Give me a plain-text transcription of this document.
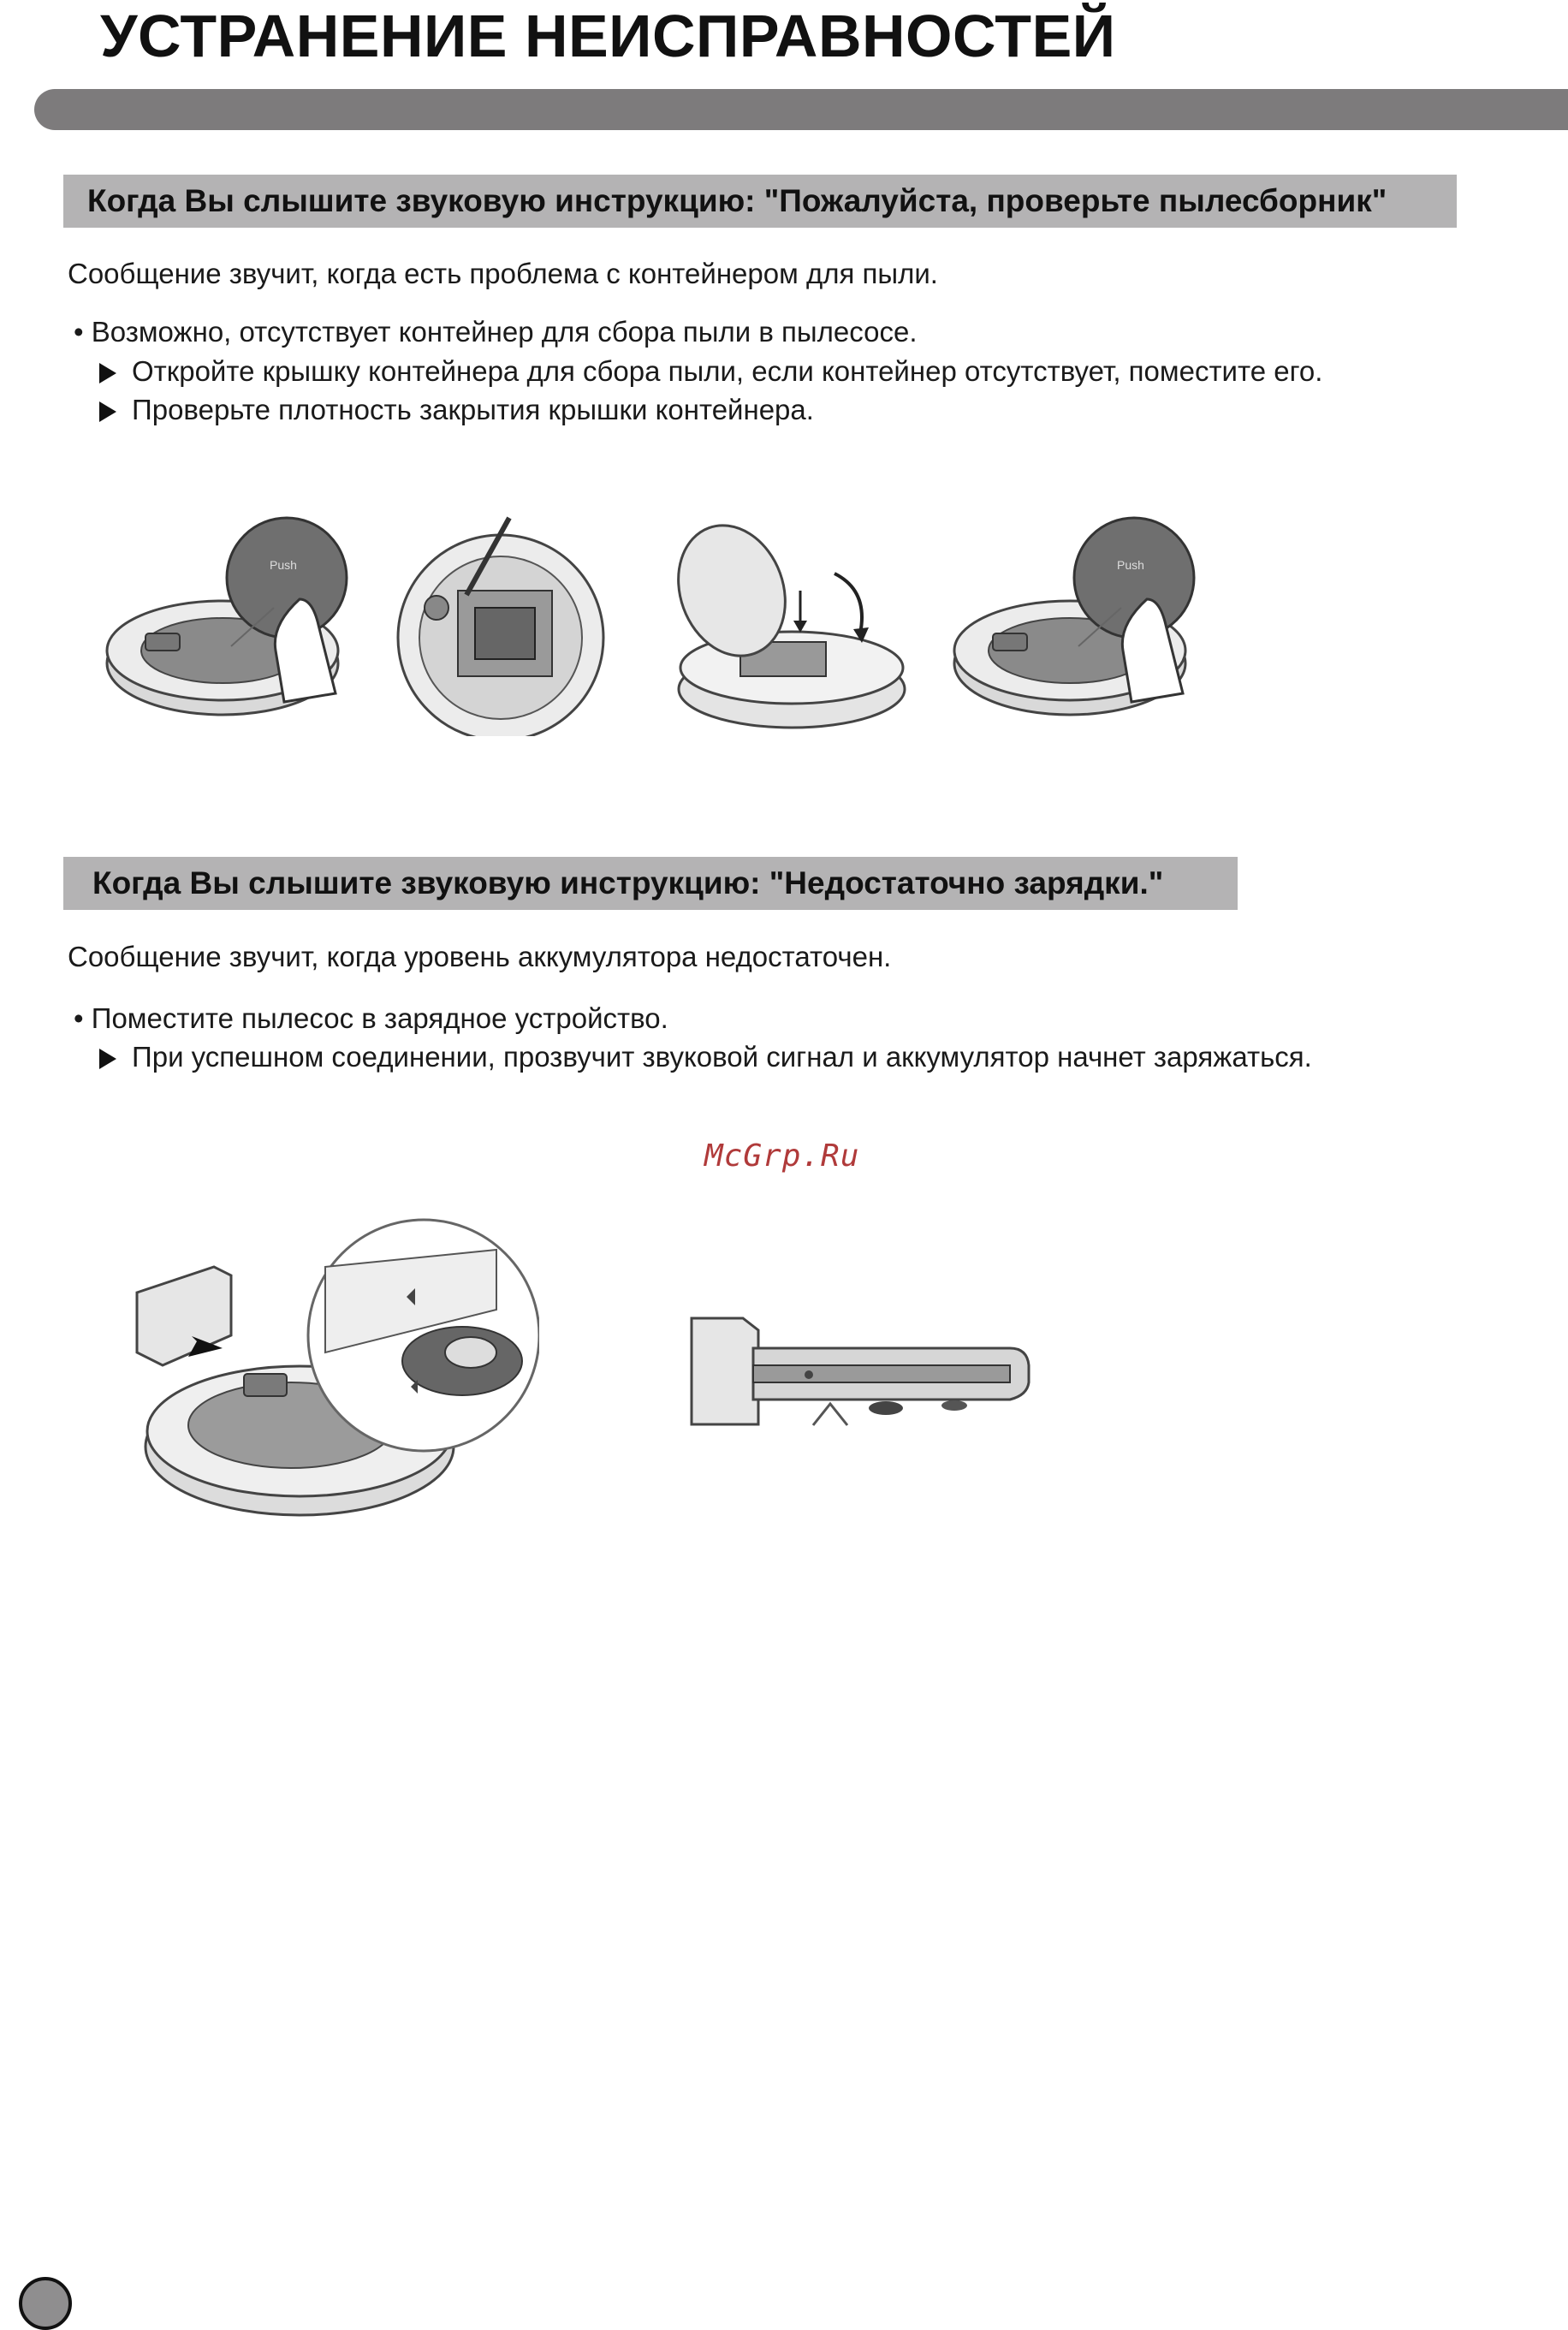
УСТРАНЕНИЕ НЕИСПРАВНОСТЕЙ
Когда Вы слышите звуковую инструкцию: "Пожалуйста, проверьте пылесборник"
Сообщение звучит, когда есть проблема с контейнером для пыли.
• Возможно, отсутствует контейнер для сбора пыли в пылесосе.
Откройте крышку контейнера для сбора пыли, если контейнер отсутствует, поместите его.
Проверьте плотность закрытия крышки контейнера.
Push	Push
Когда Вы слышите звуковую инструкцию: "Недостаточно зарядки."
Сообщение звучит, когда уровень аккумулятора недостаточен.
• Поместите пылесос в зарядное устройство.
При успешном соединении, прозвучит звуковой сигнал и аккумулятор начнет заряжаться.
McGrp.Ru
